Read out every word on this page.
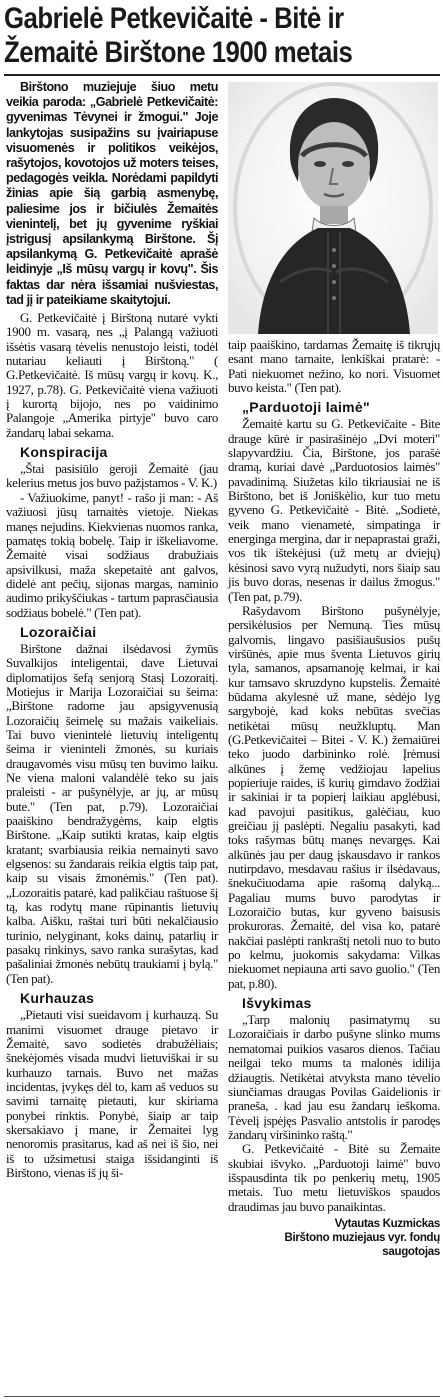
Gabrielė Petkevičaitė - Bitė ir
Žemaitė Birštone 1900 metais

Birštono muziejuje šiuo metu veikia paroda: „Gabrielė Petkevičaitė: gyvenimas Tėvynei ir žmogui." Joje lankytojas susipažins su įvairiapuse visuomenės ir politikos veikėjos, rašytojos, kovotojos už moters teises, pedagogės veikla. Norėdami papildyti žinias apie šią garbią asmenybę, paliesime jos ir bičiulės Žemaitės vienintelį, bet jų gyvenime ryškiai įstrigusį apsilankymą Birštone. Šį apsilankymą G. Petkevičaitė aprašė leidinyje „Iš mūsų vargų ir kovų". Šis faktas dar nėra išsamiai nušviestas, tad jį ir pateikiame skaitytojui.

G. Petkevičaitė į Birštoną nutarė vykti 1900 m. vasarą, nes „į Palangą važiuoti išsėtis vasarą tėvelis nenustojo leisti, todėl nutariau keliauti į Birštoną." ( G.Petkevičaitė. Iš mūsų vargų ir kovų. K., 1927, p.78). G. Petkevičaitė viena važiuoti į kurortą bijojo, nes po vaidinimo Palangoje „Amerika pirtyje" buvo caro žandarų labai sekama.

Konspiracija

„Štai pasisiūlo geroji Žemaitė (jau kelerius metus jos buvo pažįstamos - V. K.)

- Važiuokime, panyt! - rašo ji man: - Aš važiuosi jūsų tarnaitės vietoje. Niekas manęs nejudins. Kiekvienas nuomos ranka, pamatęs tokią bobelę. Taip ir iškeliavome. Žemaitė visai sodžiaus drabužiais apsivilkusi, maža skepetaitė ant galvos, didelė ant pečių, sijonas margas, naminio audimo prikyščiukas - tartum paprasčiausia sodžiaus bobelė." (Ten pat).

Lozoraičiai

Birštone dažnai ilsėdavosi žymūs Suvalkijos inteligentai, dave Lietuvai diplomatijos šefą senjorą Stasį Lozoraitį. Motiejus ir Marija Lozoraičiai su šeima: „Birštone radome jau apsigyvenusią Lozoraičių šeimelę su mažais vaikeliais. Tai buvo vienintelė lietuvių inteligentų šeima ir vieninteli žmonės, su kuriais draugavomės visu mūsų ten buvimo laiku. Ne viena maloni valandėlė teko su jais praleisti - ar pušynėlyje, ar jų, ar mūsų bute." (Ten pat, p.79). Lozoraičiai paaiškino bendražygėms, kaip elgtis Birštone. „Kaip sutikti kratas, kaip elgtis kratant; svarbiausia reikia nemainyti savo elgsenos: su žandarais reikia elgtis taip pat, kaip su visais žmonėmis." (Ten pat). „Lozoraitis patarė, kad palikčiau raštuose šį tą, kas rodytų mane rūpinantis lietuvių kalba. Aišku, raštai turi būti nekalčiausio turinio, nelyginant, koks dainų, patarlių ir pasakų rinkinys, savo ranka surašytas, kad pašaliniai žmonės nebūtų traukiami į bylą." (Ten pat).

Kurhauzas

„Pietauti visi sueidavom į kurhauzą. Su manimi visuomet drauge pietavo ir Žemaitė, savo sodietės drabužėliais; šnekėjomės visada mudvi lietuviškai ir su kurhauzo tarnais. Buvo net mažas incidentas, įvykęs dėl to, kam aš veduos su savimi tarnaitę pietauti, kur skiriama ponybei rinktis. Ponybė, šiaip ar taip skersakiavo į mane, ir Žemaitei lyg nenoromis prasitarus, kad aš nei iš šio, nei iš to užsimetusi staiga išsidanginti iš Birštono, vienas iš jų ši-

taip paaiškino, tardamas Žemaitę iš tikrųjų esant mano tarnaite, lenkiškai pratarė: - Pati niekuomet nežino, ko nori. Visuomet buvo keista." (Ten pat).

„Parduotoji laimė"

Žemaitė kartu su G. Petkevičaite - Bite drauge kūrė ir pasirašinėjo „Dvi moteri" slapyvardžiu. Čia, Birštone, jos parašė dramą, kuriai davė „Parduotosios laimės" pavadinimą. Siužetas kilo tikriausiai ne iš Birštono, bet iš Joniškėlio, kur tuo metu gyveno G. Petkevičaitė - Bitė. „Sodietė, veik mano vienametė, simpatinga ir energinga mergina, dar ir nepaprastai graži, vos tik ištekėjusi (už metų ar dviejų) kėsinosi savo vyrą nužudyti, nors šiaip sau jis buvo doras, nesenas ir dailus žmogus." (Ten pat, p.79).

Rašydavom Birštono pušynėlyje, persikėlusios per Nemuną. Ties mūsų galvomis, lingavo pasišiaušusios pušų viršūnės, apie mus šventa Lietuvos girių tyla, samanos, apsamanoję kelmai, ir kai kur tamsavo skruzdyno kupstelis. Žemaitė būdama akylesnė už mane, sėdėjo lyg sargybojė, kad koks nebūtas svečias netikėtai mūsų neužkluptų. Man (G.Petkevičaitei – Bitei - V. K.) žemaiūrei teko juodo darbininko rolė. Įrėmusi alkūnes į žemę vedžiojau lapelius popieriuje raides, iš kurių gimdavo žodžiai ir sakiniai ir ta popierį laikiau apglėbusi, kad pavojui pasitikus, galėčiau, kuo greičiau jį paslėpti. Negaliu pasakyti, kad toks rašymas būtų manęs nevargęs. Kai alkūnės jau per daug įskausdavo ir rankos nutirpdavo, mesdavau rašius ir ilsėdavaus, šnekučiuodama apie rašomą dalyką... Pagaliau mums buvo parodytas ir Lozoraičio butas, kur gyveno baisusis prokuroras. Žemaitė, del visa ko, patarė nakčiai paslėpti rankraštį netoli nuo to buto po kelmu, juokomis sakydama: Vilkas niekuomet nepiauna arti savo guolio." (Ten pat, p.80).

Išvykimas

„Tarp malonių pasimatymų su Lozoraičiais ir darbo pušyne slinko mums nematomai puikios vasaros dienos. Tačiau neilgai teko mums ta malonės idilija džiaugtis. Netikėtai atvyksta mano tėvelio siunčiamas draugas Povilas Gaidelionis ir praneša, . kad jau esu žandarų ieškoma. Tėvelį įspėjęs Pasvalio antstolis ir parodęs žandarų viršininko raštą."

G. Petkevičaitė - Bitė su Žemaite skubiai išvyko. „Parduotoji laimė" buvo išspausdinta tik po penkerių metų, 1905 metais. Tuo metu lietuviškos spaudos draudimas jau buvo panaikintas.

Vytautas Kuzmickas
Birštono muziejaus vyr. fondų saugotojas
